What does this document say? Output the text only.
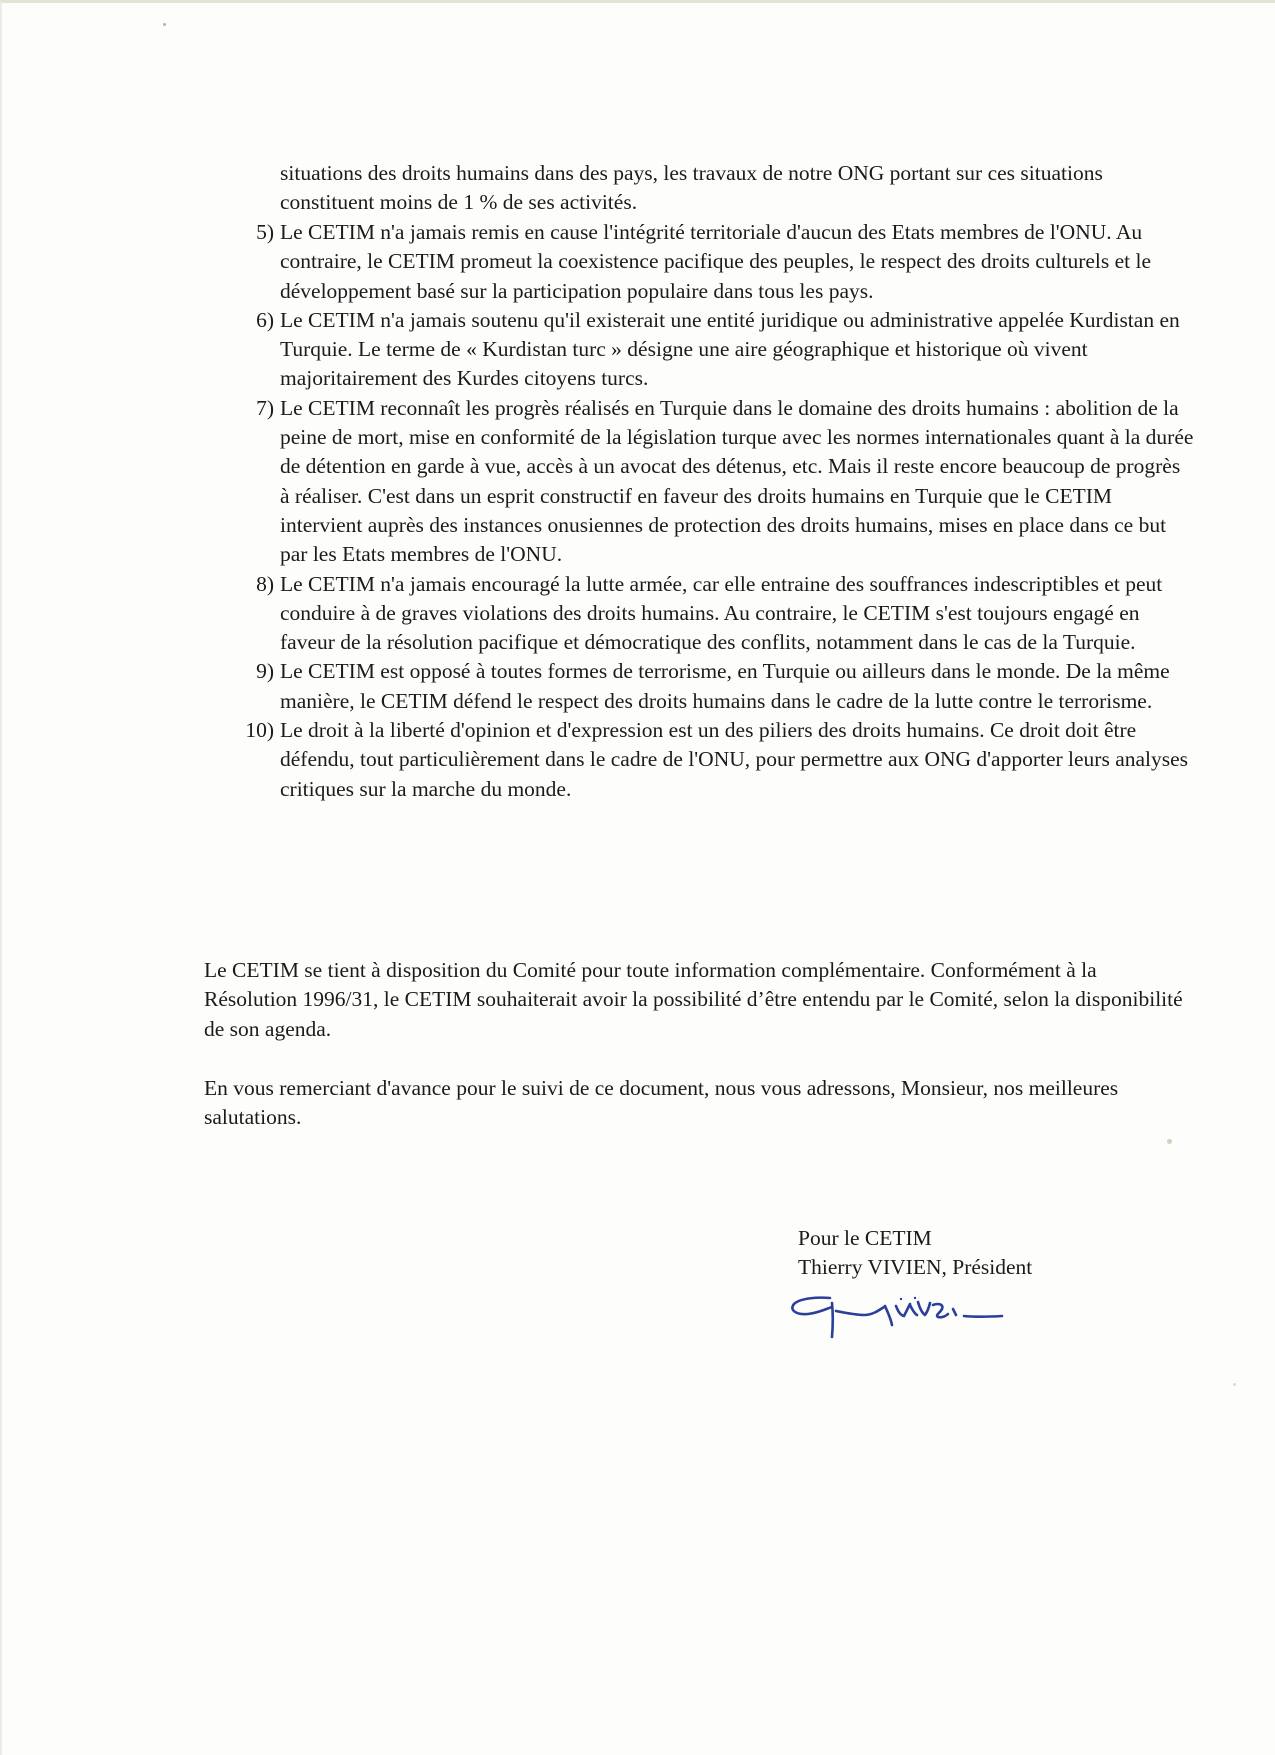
situations des droits humains dans des pays, les travaux de notre ONG portant sur ces situations constituent moins de 1 % de ses activités.

5) Le CETIM n'a jamais remis en cause l'intégrité territoriale d'aucun des Etats membres de l'ONU. Au contraire, le CETIM promeut la coexistence pacifique des peuples, le respect des droits culturels et le développement basé sur la participation populaire dans tous les pays.
6) Le CETIM n'a jamais soutenu qu'il existerait une entité juridique ou administrative appelée Kurdistan en Turquie. Le terme de « Kurdistan turc » désigne une aire géographique et historique où vivent majoritairement des Kurdes citoyens turcs.
7) Le CETIM reconnaît les progrès réalisés en Turquie dans le domaine des droits humains : abolition de la peine de mort, mise en conformité de la législation turque avec les normes internationales quant à la durée de détention en garde à vue, accès à un avocat des détenus, etc. Mais il reste encore beaucoup de progrès à réaliser. C'est dans un esprit constructif en faveur des droits humains en Turquie que le CETIM intervient auprès des instances onusiennes de protection des droits humains, mises en place dans ce but par les Etats membres de l'ONU.
8) Le CETIM n'a jamais encouragé la lutte armée, car elle entraine des souffrances indescriptibles et peut conduire à de graves violations des droits humains. Au contraire, le CETIM s'est toujours engagé en faveur de la résolution pacifique et démocratique des conflits, notamment dans le cas de la Turquie.
9) Le CETIM est opposé à toutes formes de terrorisme, en Turquie ou ailleurs dans le monde. De la même manière, le CETIM défend le respect des droits humains dans le cadre de la lutte contre le terrorisme.
10) Le droit à la liberté d'opinion et d'expression est un des piliers des droits humains. Ce droit doit être défendu, tout particulièrement dans le cadre de l'ONU, pour permettre aux ONG d'apporter leurs analyses critiques sur la marche du monde.

Le CETIM se tient à disposition du Comité pour toute information complémentaire. Conformément à la Résolution 1996/31, le CETIM souhaiterait avoir la possibilité d’être entendu par le Comité, selon la disponibilité de son agenda.

En vous remerciant d'avance pour le suivi de ce document, nous vous adressons, Monsieur, nos meilleures salutations.

Pour le CETIM
Thierry VIVIEN, Président
